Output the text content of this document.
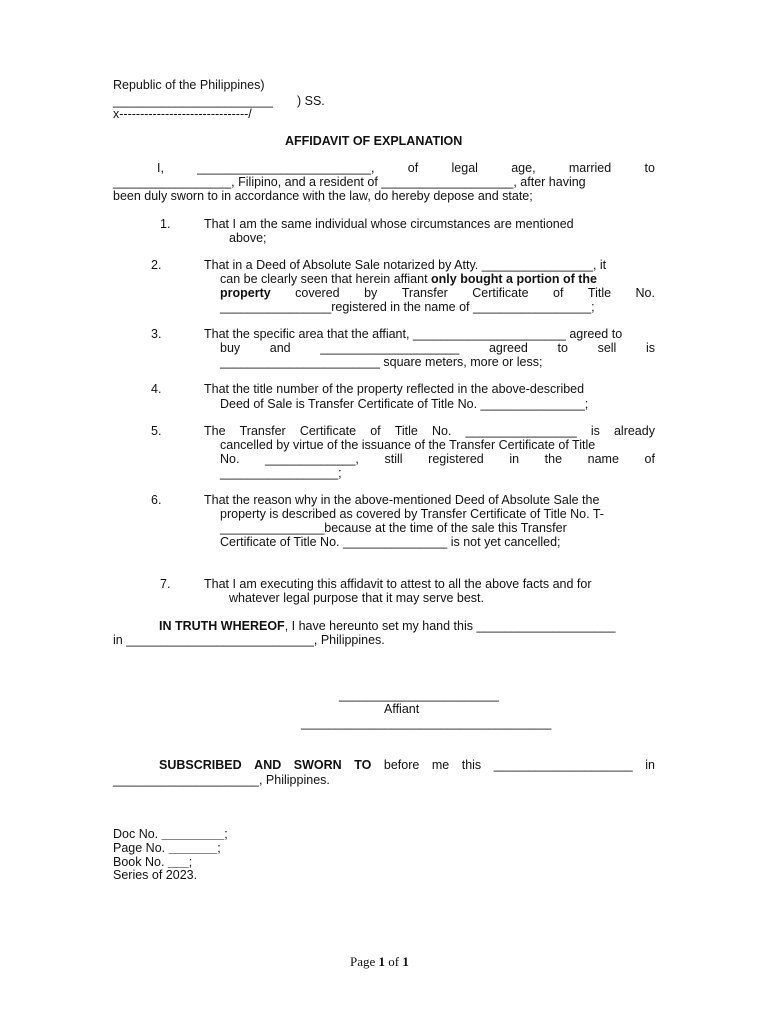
Republic of the Philippines)
_______________________ ) SS.
x-------------------------------/
AFFIDAVIT OF EXPLANATION
I,	_________________________,	of	legal	age,	married	to
_________________, Filipino, and a resident of ___________________, after having
been duly sworn to in accordance with the law, do hereby depose and state;
1.	That I am the same individual whose circumstances are mentioned
above;
2.	That in a Deed of Absolute Sale notarized by Atty. ________________, it
can be clearly seen that herein affiant only bought a portion of the
property covered by Transfer Certificate of Title No.
________________registered in the name of _________________;
3.	That the specific area that the affiant, ______________________ agreed to
buy and ____________________ agreed to sell is
_______________________ square meters, more or less;
4.	That the title number of the property reflected in the above-described
Deed of Sale is Transfer Certificate of Title No. _______________;
5.	The Transfer Certificate of Title No. ________________ is already
cancelled by virtue of the issuance of the Transfer Certificate of Title
No. _____________, still registered in the name of
_________________;
6.	That the reason why in the above-mentioned Deed of Absolute Sale the
property is described as covered by Transfer Certificate of Title No. T-
_______________because at the time of the sale this Transfer
Certificate of Title No. _______________ is not yet cancelled;
7.	That I am executing this affidavit to attest to all the above facts and for
whatever legal purpose that it may serve best.
IN TRUTH WHEREOF, I have hereunto set my hand this ____________________
in ___________________________, Philippines.
_______________________
Affiant
____________________________________
SUBSCRIBED AND SWORN TO before me this ____________________ in
_____________________, Philippines.
Doc No. _________;
Page No. _______;
Book No. ___;
Series of 2023.
Page 1 of 1
